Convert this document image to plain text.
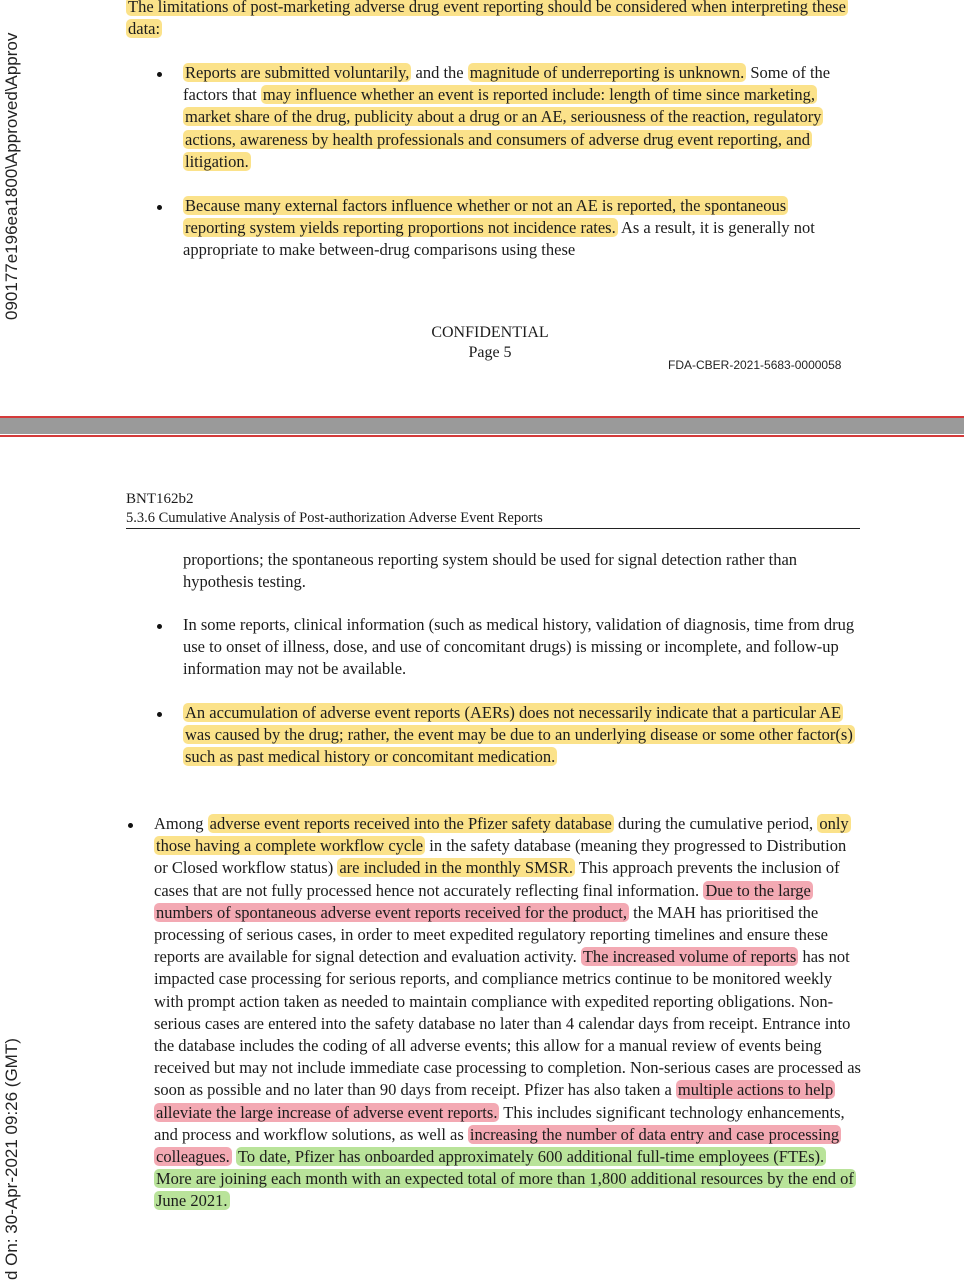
090177e196ea1800\Approved\Approv
d On: 30-Apr-2021 09:26 (GMT)

The limitations of post-marketing adverse drug event reporting should be considered when interpreting these data:

Reports are submitted voluntarily, and the magnitude of underreporting is unknown. Some of the factors that may influence whether an event is reported include: length of time since marketing, market share of the drug, publicity about a drug or an AE, seriousness of the reaction, regulatory actions, awareness by health professionals and consumers of adverse drug event reporting, and litigation.

Because many external factors influence whether or not an AE is reported, the spontaneous reporting system yields reporting proportions not incidence rates. As a result, it is generally not appropriate to make between-drug comparisons using these

CONFIDENTIAL
Page 5
FDA-CBER-2021-5683-0000058
BNT162b2
5.3.6 Cumulative Analysis of Post-authorization Adverse Event Reports

proportions; the spontaneous reporting system should be used for signal detection rather than hypothesis testing.

In some reports, clinical information (such as medical history, validation of diagnosis, time from drug use to onset of illness, dose, and use of concomitant drugs) is missing or incomplete, and follow-up information may not be available.

An accumulation of adverse event reports (AERs) does not necessarily indicate that a particular AE was caused by the drug; rather, the event may be due to an underlying disease or some other factor(s) such as past medical history or concomitant medication.

Among adverse event reports received into the Pfizer safety database during the cumulative period, only those having a complete workflow cycle in the safety database (meaning they progressed to Distribution or Closed workflow status) are included in the monthly SMSR. This approach prevents the inclusion of cases that are not fully processed hence not accurately reflecting final information. Due to the large numbers of spontaneous adverse event reports received for the product, the MAH has prioritised the processing of serious cases, in order to meet expedited regulatory reporting timelines and ensure these reports are available for signal detection and evaluation activity. The increased volume of reports has not impacted case processing for serious reports, and compliance metrics continue to be monitored weekly with prompt action taken as needed to maintain compliance with expedited reporting obligations. Non-serious cases are entered into the safety database no later than 4 calendar days from receipt. Entrance into the database includes the coding of all adverse events; this allow for a manual review of events being received but may not include immediate case processing to completion. Non-serious cases are processed as soon as possible and no later than 90 days from receipt. Pfizer has also taken a multiple actions to help alleviate the large increase of adverse event reports. This includes significant technology enhancements, and process and workflow solutions, as well as increasing the number of data entry and case processing colleagues. To date, Pfizer has onboarded approximately 600 additional full-time employees (FTEs). More are joining each month with an expected total of more than 1,800 additional resources by the end of June 2021.
